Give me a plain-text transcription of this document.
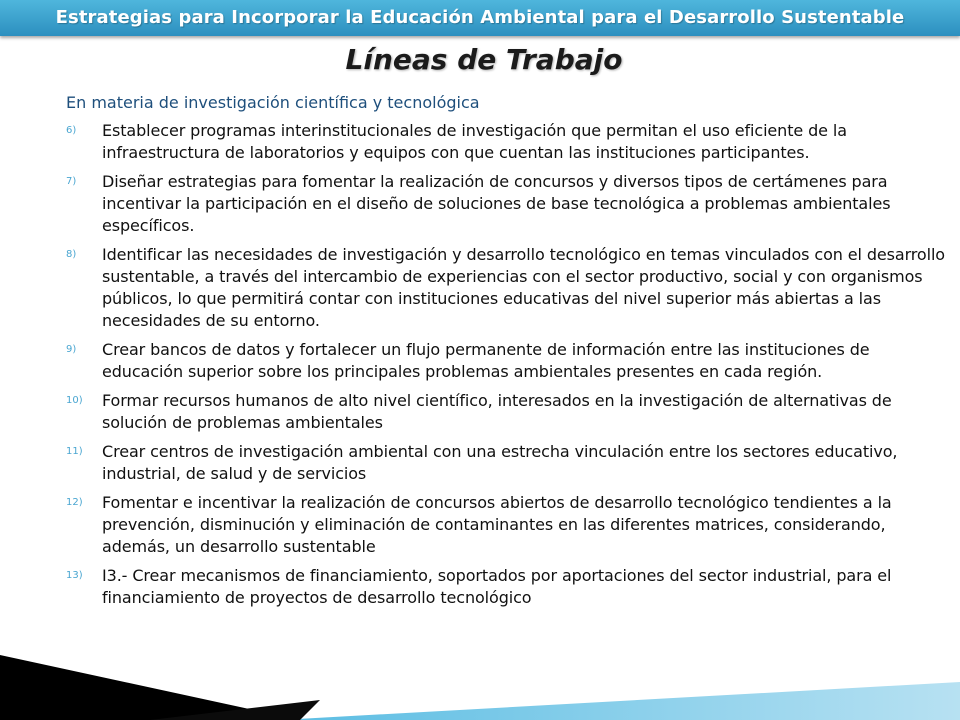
Estrategias para Incorporar la Educación Ambiental para el Desarrollo Sustentable
Líneas de Trabajo
En materia de investigación científica y tecnológica
6)	Establecer programas interinstitucionales de investigación que permitan el uso eficiente de la infraestructura de laboratorios y equipos con que cuentan las instituciones participantes.
7)	Diseñar estrategias para fomentar la realización de concursos y diversos tipos de certámenes para incentivar la participación en el diseño de soluciones de base tecnológica a problemas ambientales específicos.
8)	Identificar las necesidades de investigación y desarrollo tecnológico en temas vinculados con el desarrollo sustentable, a través del intercambio de experiencias con el sector productivo, social y con organismos públicos, lo que permitirá contar con instituciones educativas del nivel superior más abiertas a las necesidades de su entorno.
9)	Crear bancos de datos y fortalecer un flujo permanente de información entre las instituciones de educación superior sobre los principales problemas ambientales presentes en cada región.
10)	Formar recursos humanos de alto nivel científico, interesados en la investigación de alternativas de solución de problemas ambientales
11)	Crear centros de investigación ambiental con una estrecha vinculación entre los sectores educativo, industrial, de salud y de servicios
12)	Fomentar e incentivar la realización de concursos abiertos de desarrollo tecnológico tendientes a la prevención, disminución y eliminación de contaminantes en las diferentes matrices, considerando, además, un desarrollo sustentable
13)	I3.- Crear mecanismos de financiamiento, soportados por aportaciones del sector industrial, para el financiamiento de proyectos de desarrollo tecnológico
